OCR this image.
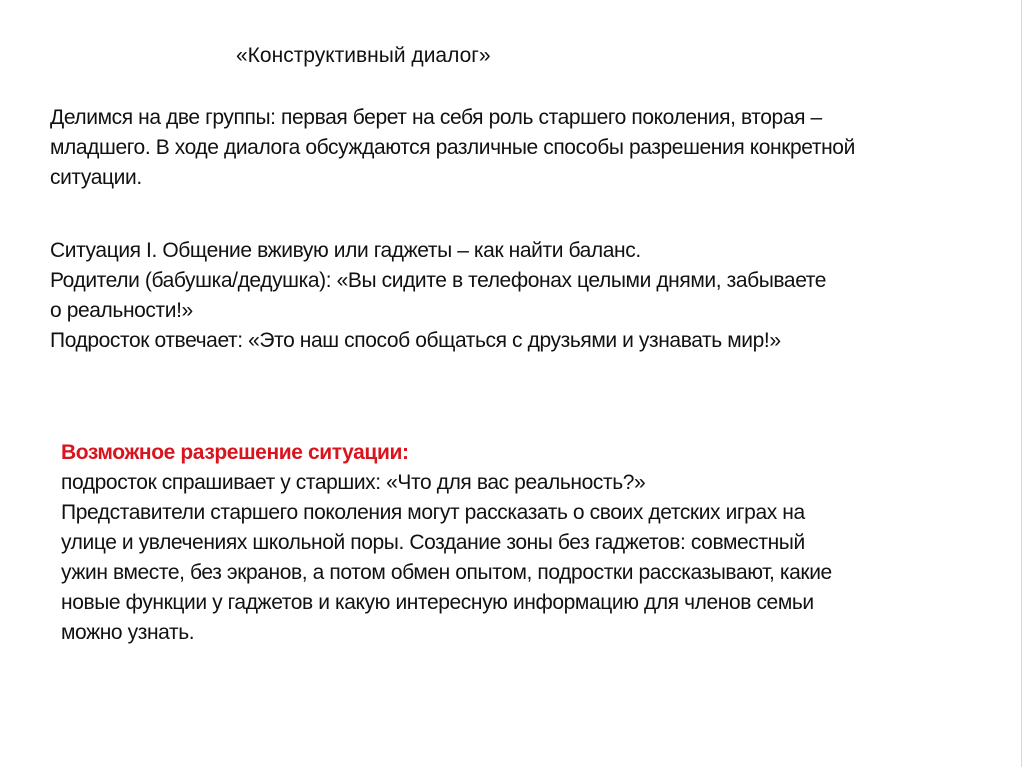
«Конструктивный диалог»
Делимся на две группы: первая берет на себя роль старшего поколения, вторая –
младшего. В ходе диалога обсуждаются различные способы разрешения конкретной
ситуации.
Ситуация I. Общение вживую или гаджеты – как найти баланс.
Родители (бабушка/дедушка): «Вы сидите в телефонах целыми днями, забываете
о реальности!»
Подросток отвечает: «Это наш способ общаться с друзьями и узнавать мир!»
Возможное разрешение ситуации:
подросток спрашивает у старших: «Что для вас реальность?»
Представители старшего поколения могут рассказать о своих детских играх на
улице и увлечениях школьной поры. Создание зоны без гаджетов: совместный
ужин вместе, без экранов, а потом обмен опытом, подростки рассказывают, какие
новые функции у гаджетов и какую интересную информацию для членов семьи
можно узнать.
